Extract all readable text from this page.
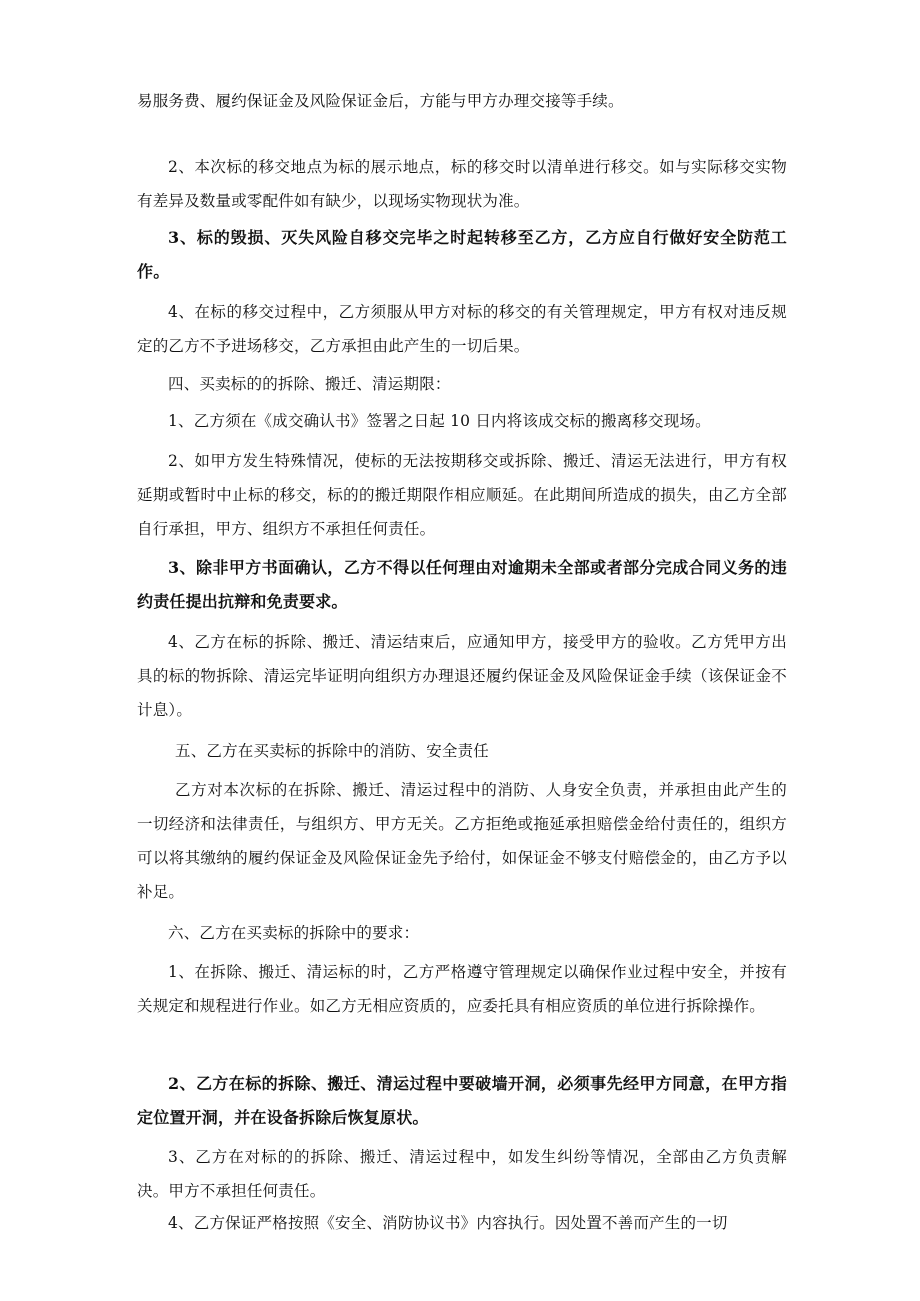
易服务费、履约保证金及风险保证金后，方能与甲方办理交接等手续。

2、本次标的移交地点为标的展示地点，标的移交时以清单进行移交。如与实际移交实物有差异及数量或零配件如有缺少，以现场实物现状为准。

3、标的毁损、灭失风险自移交完毕之时起转移至乙方，乙方应自行做好安全防范工作。

4、在标的移交过程中，乙方须服从甲方对标的移交的有关管理规定，甲方有权对违反规定的乙方不予进场移交，乙方承担由此产生的一切后果。

四、买卖标的的拆除、搬迁、清运期限：

1、乙方须在《成交确认书》签署之日起 10 日内将该成交标的搬离移交现场。

2、如甲方发生特殊情况，使标的无法按期移交或拆除、搬迁、清运无法进行，甲方有权延期或暂时中止标的移交，标的的搬迁期限作相应顺延。在此期间所造成的损失，由乙方全部自行承担，甲方、组织方不承担任何责任。

3、除非甲方书面确认，乙方不得以任何理由对逾期未全部或者部分完成合同义务的违约责任提出抗辩和免责要求。

4、乙方在标的拆除、搬迁、清运结束后，应通知甲方，接受甲方的验收。乙方凭甲方出具的标的物拆除、清运完毕证明向组织方办理退还履约保证金及风险保证金手续（该保证金不计息）。

五、乙方在买卖标的拆除中的消防、安全责任

乙方对本次标的在拆除、搬迁、清运过程中的消防、人身安全负责，并承担由此产生的一切经济和法律责任，与组织方、甲方无关。乙方拒绝或拖延承担赔偿金给付责任的，组织方可以将其缴纳的履约保证金及风险保证金先予给付，如保证金不够支付赔偿金的，由乙方予以补足。

六、乙方在买卖标的拆除中的要求：

1、在拆除、搬迁、清运标的时，乙方严格遵守管理规定以确保作业过程中安全，并按有关规定和规程进行作业。如乙方无相应资质的，应委托具有相应资质的单位进行拆除操作。

2、乙方在标的拆除、搬迁、清运过程中要破墙开洞，必须事先经甲方同意，在甲方指定位置开洞，并在设备拆除后恢复原状。

3、乙方在对标的的拆除、搬迁、清运过程中，如发生纠纷等情况，全部由乙方负责解决。甲方不承担任何责任。

4、乙方保证严格按照《安全、消防协议书》内容执行。因处置不善而产生的一切
